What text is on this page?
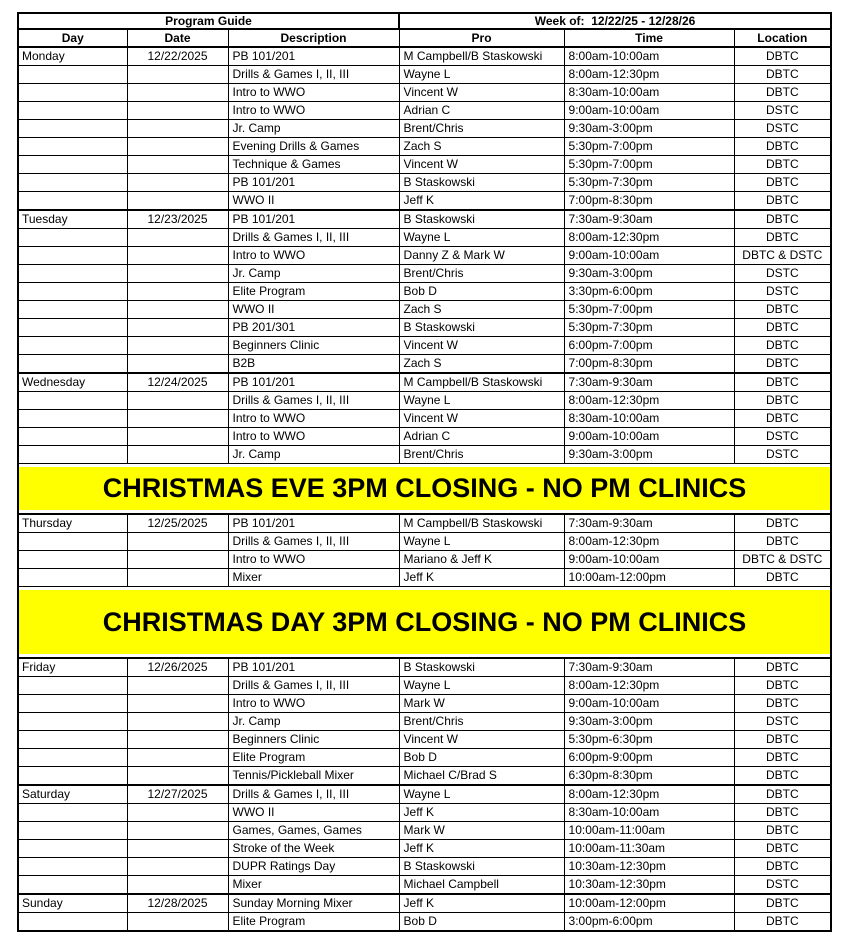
Program Guide			Week of:  12/22/25 - 12/28/26		
Day	Date	Description	Pro	Time	Location
Monday	12/22/2025	PB 101/201	M Campbell/B Staskowski	8:00am-10:00am	DBTC
		Drills & Games I, II, III	Wayne L	8:00am-12:30pm	DBTC
		Intro to WWO	Vincent W	8:30am-10:00am	DBTC
		Intro to WWO	Adrian C	9:00am-10:00am	DSTC
		Jr. Camp	Brent/Chris	9:30am-3:00pm	DSTC
		Evening Drills & Games	Zach S	5:30pm-7:00pm	DBTC
		Technique & Games	Vincent W	5:30pm-7:00pm	DBTC
		PB 101/201	B Staskowski	5:30pm-7:30pm	DBTC
		WWO II	Jeff K	7:00pm-8:30pm	DBTC
Tuesday	12/23/2025	PB 101/201	B Staskowski	7:30am-9:30am	DBTC
		Drills & Games I, II, III	Wayne L	8:00am-12:30pm	DBTC
		Intro to WWO	Danny Z & Mark W	9:00am-10:00am	DBTC & DSTC
		Jr. Camp	Brent/Chris	9:30am-3:00pm	DSTC
		Elite Program	Bob D	3:30pm-6:00pm	DSTC
		WWO II	Zach S	5:30pm-7:00pm	DBTC
		PB 201/301	B Staskowski	5:30pm-7:30pm	DBTC
		Beginners Clinic	Vincent W	6:00pm-7:00pm	DBTC
		B2B	Zach S	7:00pm-8:30pm	DBTC
Wednesday	12/24/2025	PB 101/201	M Campbell/B Staskowski	7:30am-9:30am	DBTC
		Drills & Games I, II, III	Wayne L	8:00am-12:30pm	DBTC
		Intro to WWO	Vincent W	8:30am-10:00am	DBTC
		Intro to WWO	Adrian C	9:00am-10:00am	DSTC
		Jr. Camp	Brent/Chris	9:30am-3:00pm	DSTC

CHRISTMAS EVE 3PM CLOSING - NO PM CLINICS					

Thursday	12/25/2025	PB 101/201	M Campbell/B Staskowski	7:30am-9:30am	DBTC
		Drills & Games I, II, III	Wayne L	8:00am-12:30pm	DBTC
		Intro to WWO	Mariano & Jeff K	9:00am-10:00am	DBTC & DSTC
		Mixer	Jeff K	10:00am-12:00pm	DBTC

CHRISTMAS DAY 3PM CLOSING - NO PM CLINICS					

Friday	12/26/2025	PB 101/201	B Staskowski	7:30am-9:30am	DBTC
		Drills & Games I, II, III	Wayne L	8:00am-12:30pm	DBTC
		Intro to WWO	Mark W	9:00am-10:00am	DBTC
		Jr. Camp	Brent/Chris	9:30am-3:00pm	DSTC
		Beginners Clinic	Vincent W	5:30pm-6:30pm	DBTC
		Elite Program	Bob D	6:00pm-9:00pm	DBTC
		Tennis/Pickleball Mixer	Michael C/Brad S	6:30pm-8:30pm	DBTC
Saturday	12/27/2025	Drills & Games I, II, III	Wayne L	8:00am-12:30pm	DBTC
		WWO II	Jeff K	8:30am-10:00am	DBTC
		Games, Games, Games	Mark W	10:00am-11:00am	DBTC
		Stroke of the Week	Jeff K	10:00am-11:30am	DBTC
		DUPR Ratings Day	B Staskowski	10:30am-12:30pm	DBTC
		Mixer	Michael Campbell	10:30am-12:30pm	DSTC
Sunday	12/28/2025	Sunday Morning Mixer	Jeff K	10:00am-12:00pm	DBTC
		Elite Program	Bob D	3:00pm-6:00pm	DBTC
